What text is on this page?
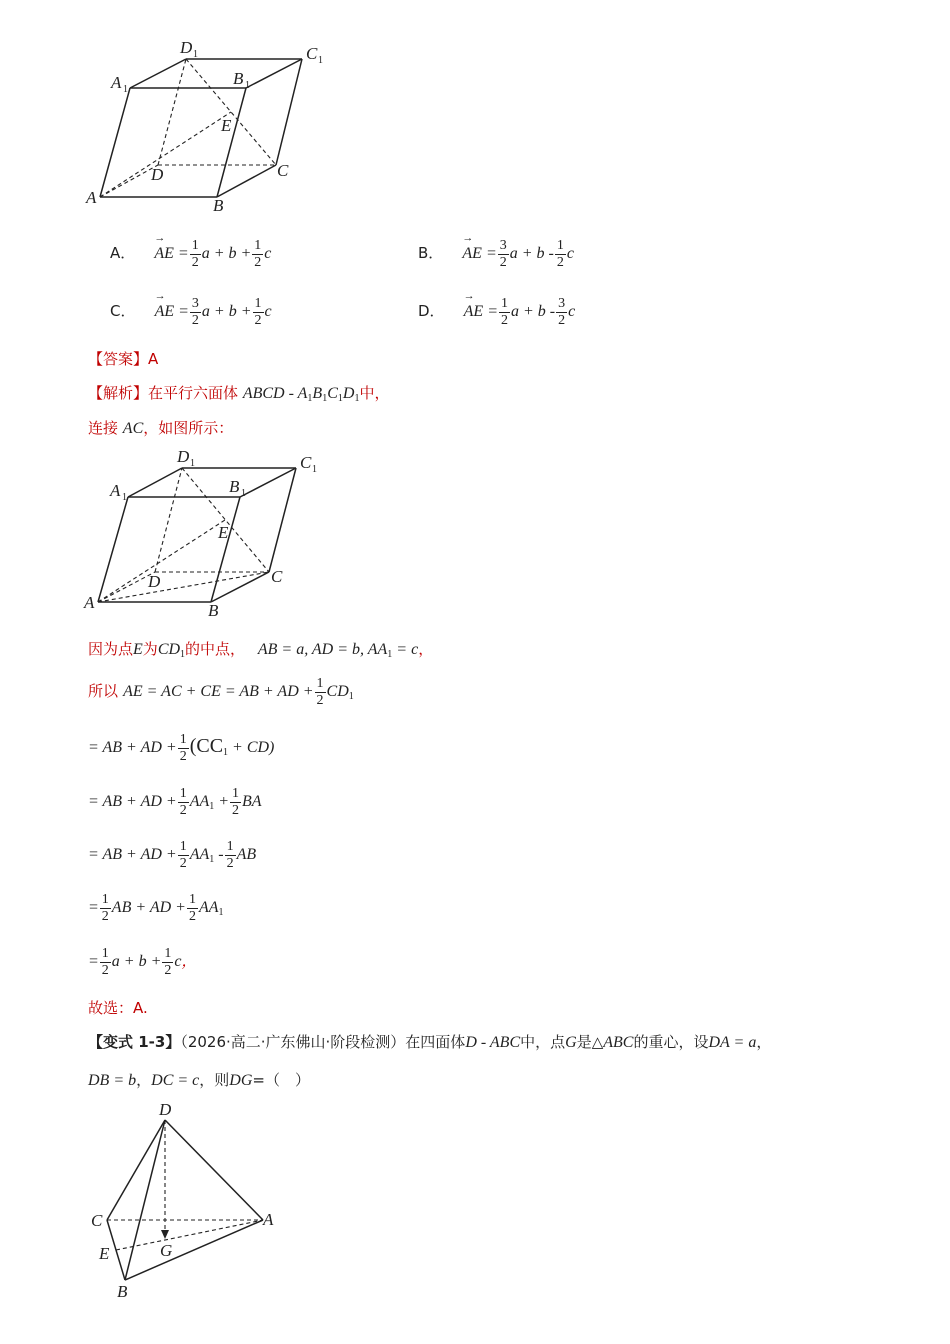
A	B
C
D
A 1
B 1
C 1
D 1
E
A． → AE = $\frac{1}{2}$ $a + b + \frac{1}{2}$ c	B． → AE = $\frac{3}{2}$ $a + b - \frac{1}{2}$ c
C． → AE = $\frac{3}{2}$ $a + b + \frac{1}{2}$ c	D． → AE = $\frac{1}{2}$ $a + b - \frac{3}{2}$ c
【答案】A
【解析】在平行六面体 ABCD - A1B1C1D1中，
连接 AC，如图所示：
A	B
C
D
A 1
B 1
C 1
D 1
E
因为点E为CD1的中点， AB = a, AD = b, AA1 = c，
所以 AE = AC + CE = AB + AD + $\frac{1}{2} CD1$
= AB + AD + $\frac{1}{2} (CC1 + CD)$
= AB + AD + $\frac{1}{2} AA1 + \frac{1}{2}$ BA
= AB + AD + $\frac{1}{2} AA1 - \frac{1}{2}$ AB
= $\frac{1}{2}$ AB + AD + $\frac{1}{2} AA1$
= $\frac{1}{2}$ $a + b + \frac{1}{2}$ c，
故选：A.
【变式 1-3】（2026·高二·广东佛山·阶段检测）在四面体D - ABC中，点G是△ABC的重心，设DA = a，
DB = b，DC = c，则DG=（　）
D
C	A
E	G
B
